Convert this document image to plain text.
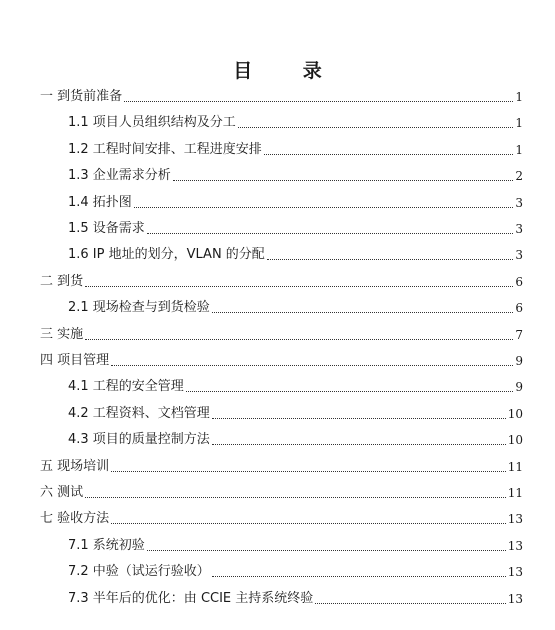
目 录
一 到货前准备	1
1.1 项目人员组织结构及分工	1
1.2 工程时间安排、工程进度安排	1
1.3 企业需求分析	2
1.4 拓扑图	3
1.5 设备需求	3
1.6 IP 地址的划分，VLAN 的分配	3
二 到货	6
2.1 现场检查与到货检验	6
三 实施	7
四 项目管理	9
4.1 工程的安全管理	9
4.2 工程资料、文档管理	10
4.3 项目的质量控制方法	10
五 现场培训	11
六 测试	11
七 验收方法	13
7.1 系统初验	13
7.2 中验（试运行验收）	13
7.3 半年后的优化：由 CCIE 主持系统终验	13
